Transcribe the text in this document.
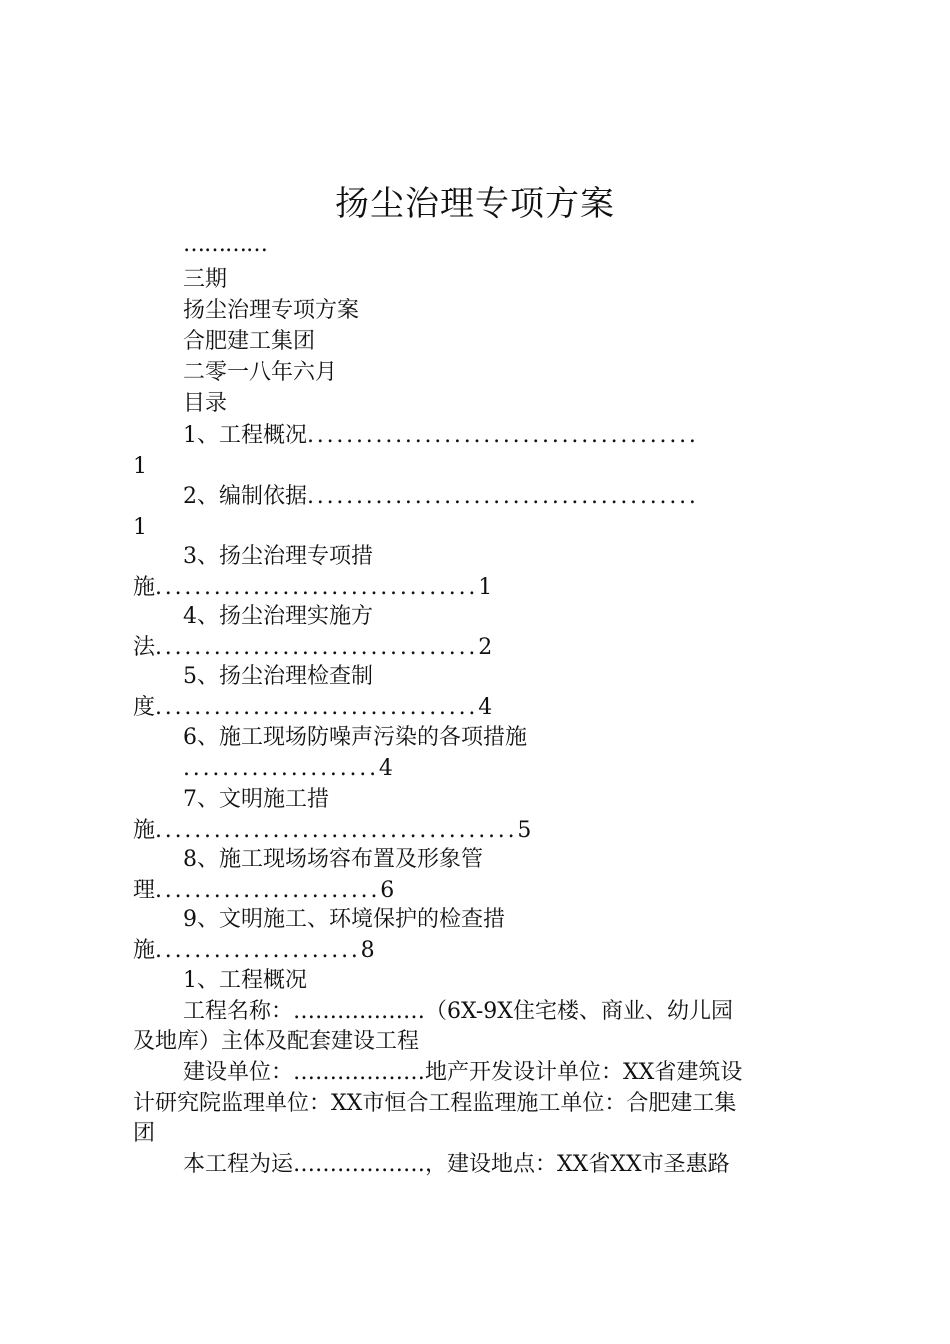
扬尘治理专项方案
…………
三期
扬尘治理专项方案
合肥建工集团
二零一八年六月
目录
1、工程概况........................................
1
2、编制依据........................................
1
3、扬尘治理专项措
施.................................1
4、扬尘治理实施方
法.................................2
5、扬尘治理检查制
度.................................4
6、施工现场防噪声污染的各项措施
....................4
7、文明施工措
施.....................................5
8、施工现场场容布置及形象管
理.......................6
9、文明施工、环境保护的检查措
施.....................8
1、工程概况
工程名称：………………（6X-9X住宅楼、商业、幼儿园
及地库）主体及配套建设工程
建设单位：………………地产开发设计单位：XX省建筑设
计研究院监理单位：XX市恒合工程监理施工单位：合肥建工集
团
本工程为运………………，建设地点：XX省XX市圣惠路
